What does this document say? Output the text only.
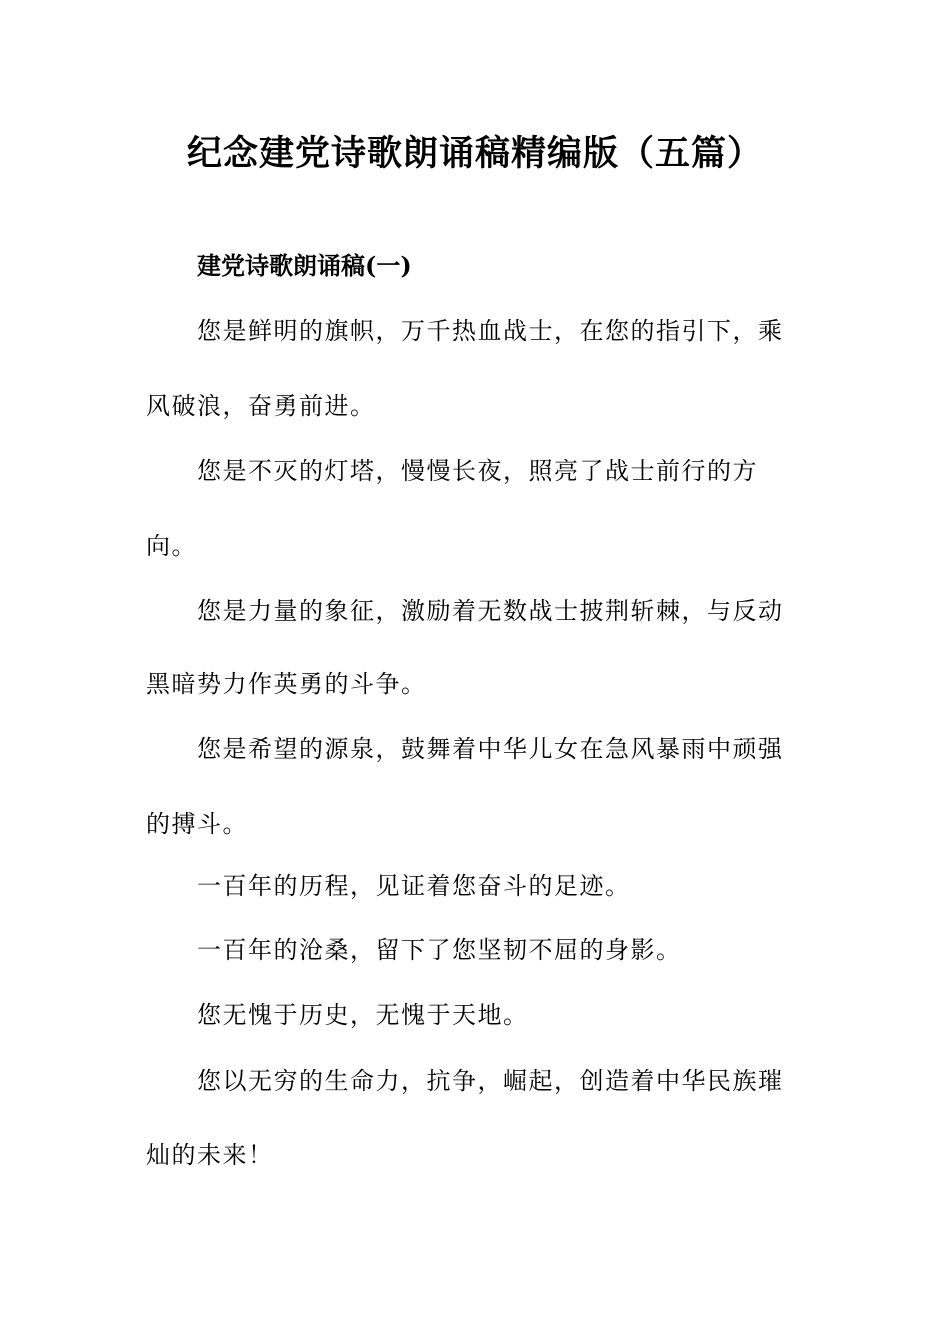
纪念建党诗歌朗诵稿精编版（五篇）
建党诗歌朗诵稿(一)

您是鲜明的旗帜，万千热血战士，在您的指引下，乘

风破浪，奋勇前进。

您是不灭的灯塔，慢慢长夜，照亮了战士前行的方

向。

您是力量的象征，激励着无数战士披荆斩棘，与反动

黑暗势力作英勇的斗争。

您是希望的源泉，鼓舞着中华儿女在急风暴雨中顽强

的搏斗。

一百年的历程，见证着您奋斗的足迹。

一百年的沧桑，留下了您坚韧不屈的身影。

您无愧于历史，无愧于天地。

您以无穷的生命力，抗争，崛起，创造着中华民族璀

灿的未来！
